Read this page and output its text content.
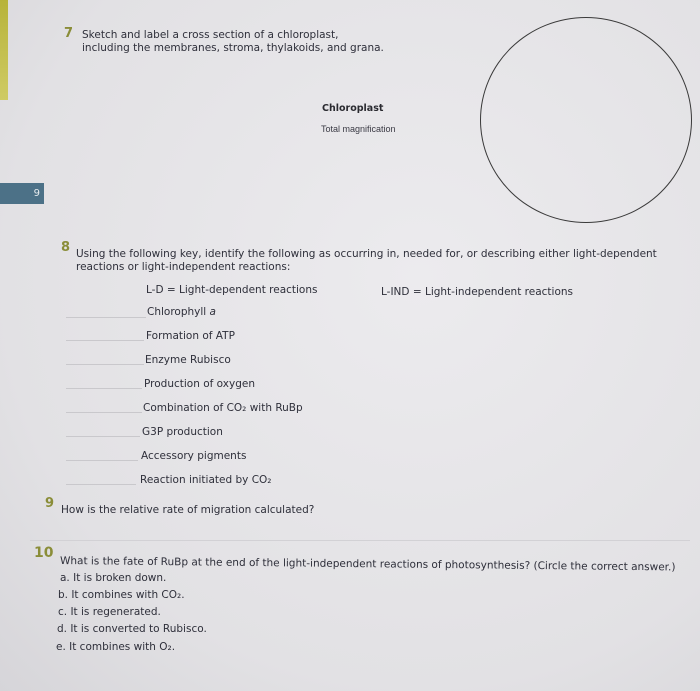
9
7 Sketch and label a cross section of a chloroplast,
including the membranes, stroma, thylakoids, and grana.
Chloroplast
Total magnification
8 Using the following key, identify the following as occurring in, needed for, or describing either light-dependent
reactions or light-independent reactions:
L-D = Light-dependent reactions	L-IND = Light-independent reactions
Chlorophyll a
Formation of ATP
Enzyme Rubisco
Production of oxygen
Combination of CO₂ with RuBp
G3P production
Accessory pigments
Reaction initiated by CO₂
9 How is the relative rate of migration calculated?
10
What is the fate of RuBp at the end of the light-independent reactions of photosynthesis? (Circle the correct answer.)
a. It is broken down.
b. It combines with CO₂.
c. It is regenerated.
d. It is converted to Rubisco.
e. It combines with O₂.
